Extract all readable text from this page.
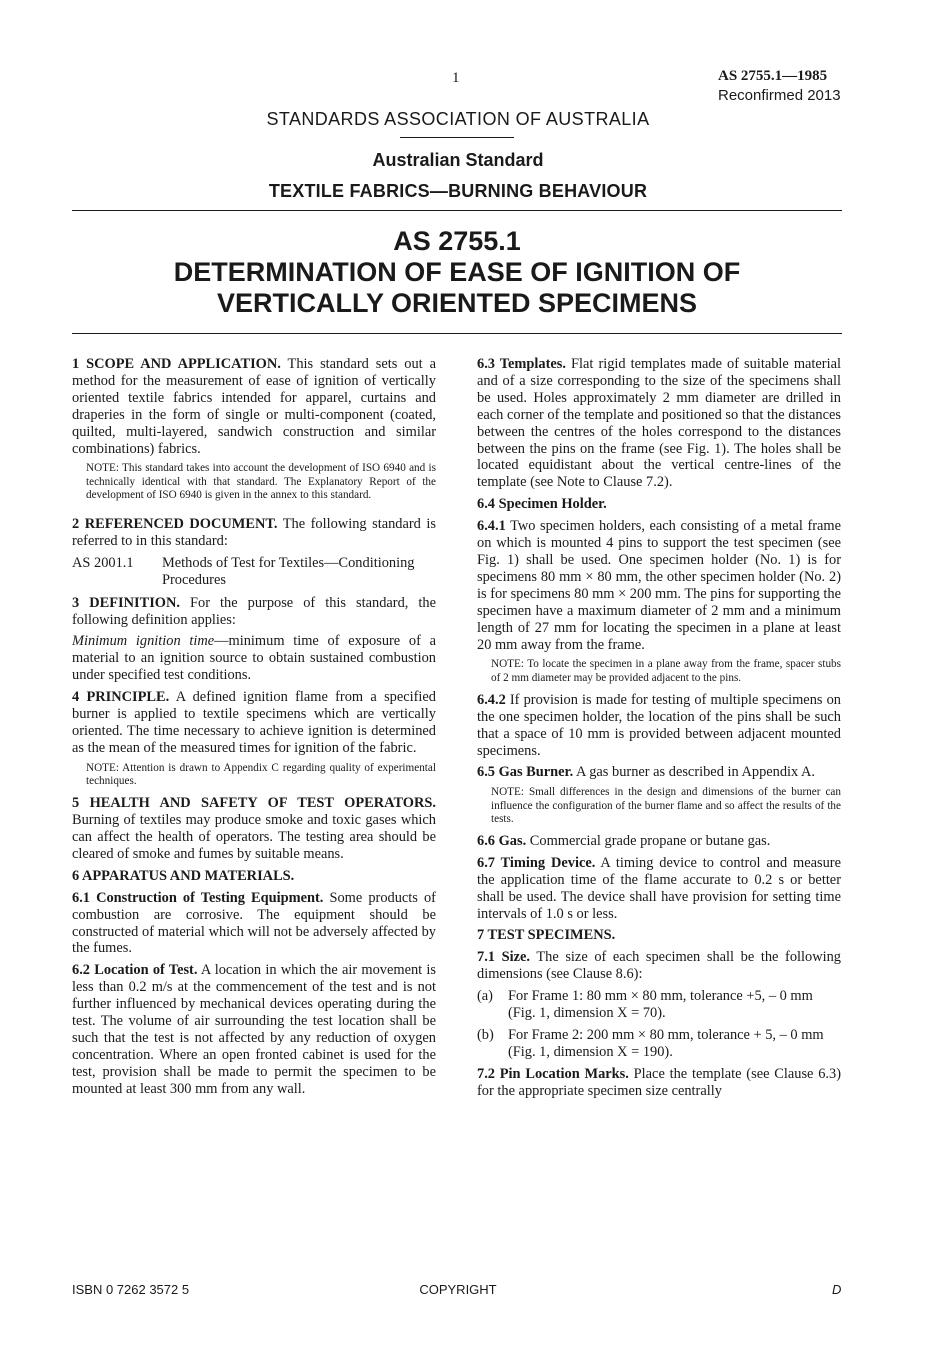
1	AS 2755.1—1985
Reconfirmed 2013
STANDARDS ASSOCIATION OF AUSTRALIA
Australian Standard
TEXTILE FABRICS—BURNING BEHAVIOUR
AS 2755.1
DETERMINATION OF EASE OF IGNITION OF
VERTICALLY ORIENTED SPECIMENS

1 SCOPE AND APPLICATION. This standard sets out a method for the measurement of ease of ignition of vertically oriented textile fabrics intended for apparel, curtains and draperies in the form of single or multi-component (coated, quilted, multi-layered, sandwich construction and similar combinations) fabrics.

NOTE: This standard takes into account the development of ISO 6940 and is technically identical with that standard. The Explanatory Report of the development of ISO 6940 is given in the annex to this standard.

2 REFERENCED DOCUMENT. The following standard is referred to in this standard:

AS 2001.1	Methods of Test for Textiles—Conditioning Procedures

3 DEFINITION. For the purpose of this standard, the following definition applies:

Minimum ignition time—minimum time of exposure of a material to an ignition source to obtain sustained combustion under specified test conditions.

4 PRINCIPLE. A defined ignition flame from a specified burner is applied to textile specimens which are vertically oriented. The time necessary to achieve ignition is determined as the mean of the measured times for ignition of the fabric.

NOTE: Attention is drawn to Appendix C regarding quality of experimental techniques.

5 HEALTH AND SAFETY OF TEST OPERATORS. Burning of textiles may produce smoke and toxic gases which can affect the health of operators. The testing area should be cleared of smoke and fumes by suitable means.

6 APPARATUS AND MATERIALS.

6.1 Construction of Testing Equipment. Some products of combustion are corrosive. The equipment should be constructed of material which will not be adversely affected by the fumes.

6.2 Location of Test. A location in which the air movement is less than 0.2 m/s at the commencement of the test and is not further influenced by mechanical devices operating during the test. The volume of air surrounding the test location shall be such that the test is not affected by any reduction of oxygen concentration. Where an open fronted cabinet is used for the test, provision shall be made to permit the specimen to be mounted at least 300 mm from any wall.

6.3 Templates. Flat rigid templates made of suitable material and of a size corresponding to the size of the specimens shall be used. Holes approximately 2 mm diameter are drilled in each corner of the template and positioned so that the distances between the centres of the holes correspond to the distances between the pins on the frame (see Fig. 1). The holes shall be located equidistant about the vertical centre-lines of the template (see Note to Clause 7.2).

6.4 Specimen Holder.

6.4.1 Two specimen holders, each consisting of a metal frame on which is mounted 4 pins to support the test specimen (see Fig. 1) shall be used. One specimen holder (No. 1) is for specimens 80 mm × 80 mm, the other specimen holder (No. 2) is for specimens 80 mm × 200 mm. The pins for supporting the specimen have a maximum diameter of 2 mm and a minimum length of 27 mm for locating the specimen in a plane at least 20 mm away from the frame.

NOTE: To locate the specimen in a plane away from the frame, spacer stubs of 2 mm diameter may be provided adjacent to the pins.

6.4.2 If provision is made for testing of multiple specimens on the one specimen holder, the location of the pins shall be such that a space of 10 mm is provided between adjacent mounted specimens.

6.5 Gas Burner. A gas burner as described in Appendix A.

NOTE: Small differences in the design and dimensions of the burner can influence the configuration of the burner flame and so affect the results of the tests.

6.6 Gas. Commercial grade propane or butane gas.

6.7 Timing Device. A timing device to control and measure the application time of the flame accurate to 0.2 s or better shall be used. The device shall have provision for setting time intervals of 1.0 s or less.

7 TEST SPECIMENS.

7.1 Size. The size of each specimen shall be the following dimensions (see Clause 8.6):

(a)	For Frame 1: 80 mm × 80 mm, tolerance +5, – 0 mm
(Fig. 1, dimension X = 70).
(b) For Frame 2: 200 mm × 80 mm, tolerance + 5, – 0 mm
(Fig. 1, dimension X = 190).

7.2 Pin Location Marks. Place the template (see Clause 6.3) for the appropriate specimen size centrally

ISBN 0 7262 3572 5	COPYRIGHT	D
